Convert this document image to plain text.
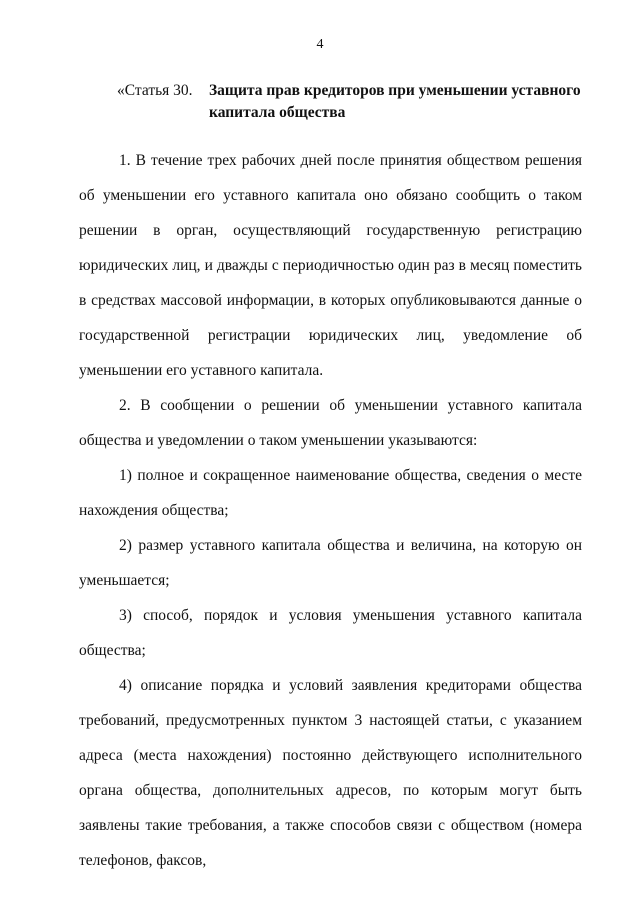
4
«Статья 30. Защита прав кредиторов при уменьшении уставного капитала общества

1. В течение трех рабочих дней после принятия обществом решения об уменьшении его уставного капитала оно обязано сообщить о таком решении в орган, осуществляющий государственную регистрацию юридических лиц, и дважды с периодичностью один раз в месяц поместить в средствах массовой информации, в которых опубликовываются данные о государственной регистрации юридических лиц, уведомление об уменьшении его уставного капитала.

2. В сообщении о решении об уменьшении уставного капитала общества и уведомлении о таком уменьшении указываются:

1) полное и сокращенное наименование общества, сведения о месте нахождения общества;

2) размер уставного капитала общества и величина, на которую он уменьшается;

3) способ, порядок и условия уменьшения уставного капитала общества;

4) описание порядка и условий заявления кредиторами общества требований, предусмотренных пунктом 3 настоящей статьи, с указанием адреса (места нахождения) постоянно действующего исполнительного органа общества, дополнительных адресов, по которым могут быть заявлены такие требования, а также способов связи с обществом (номера телефонов, факсов,
